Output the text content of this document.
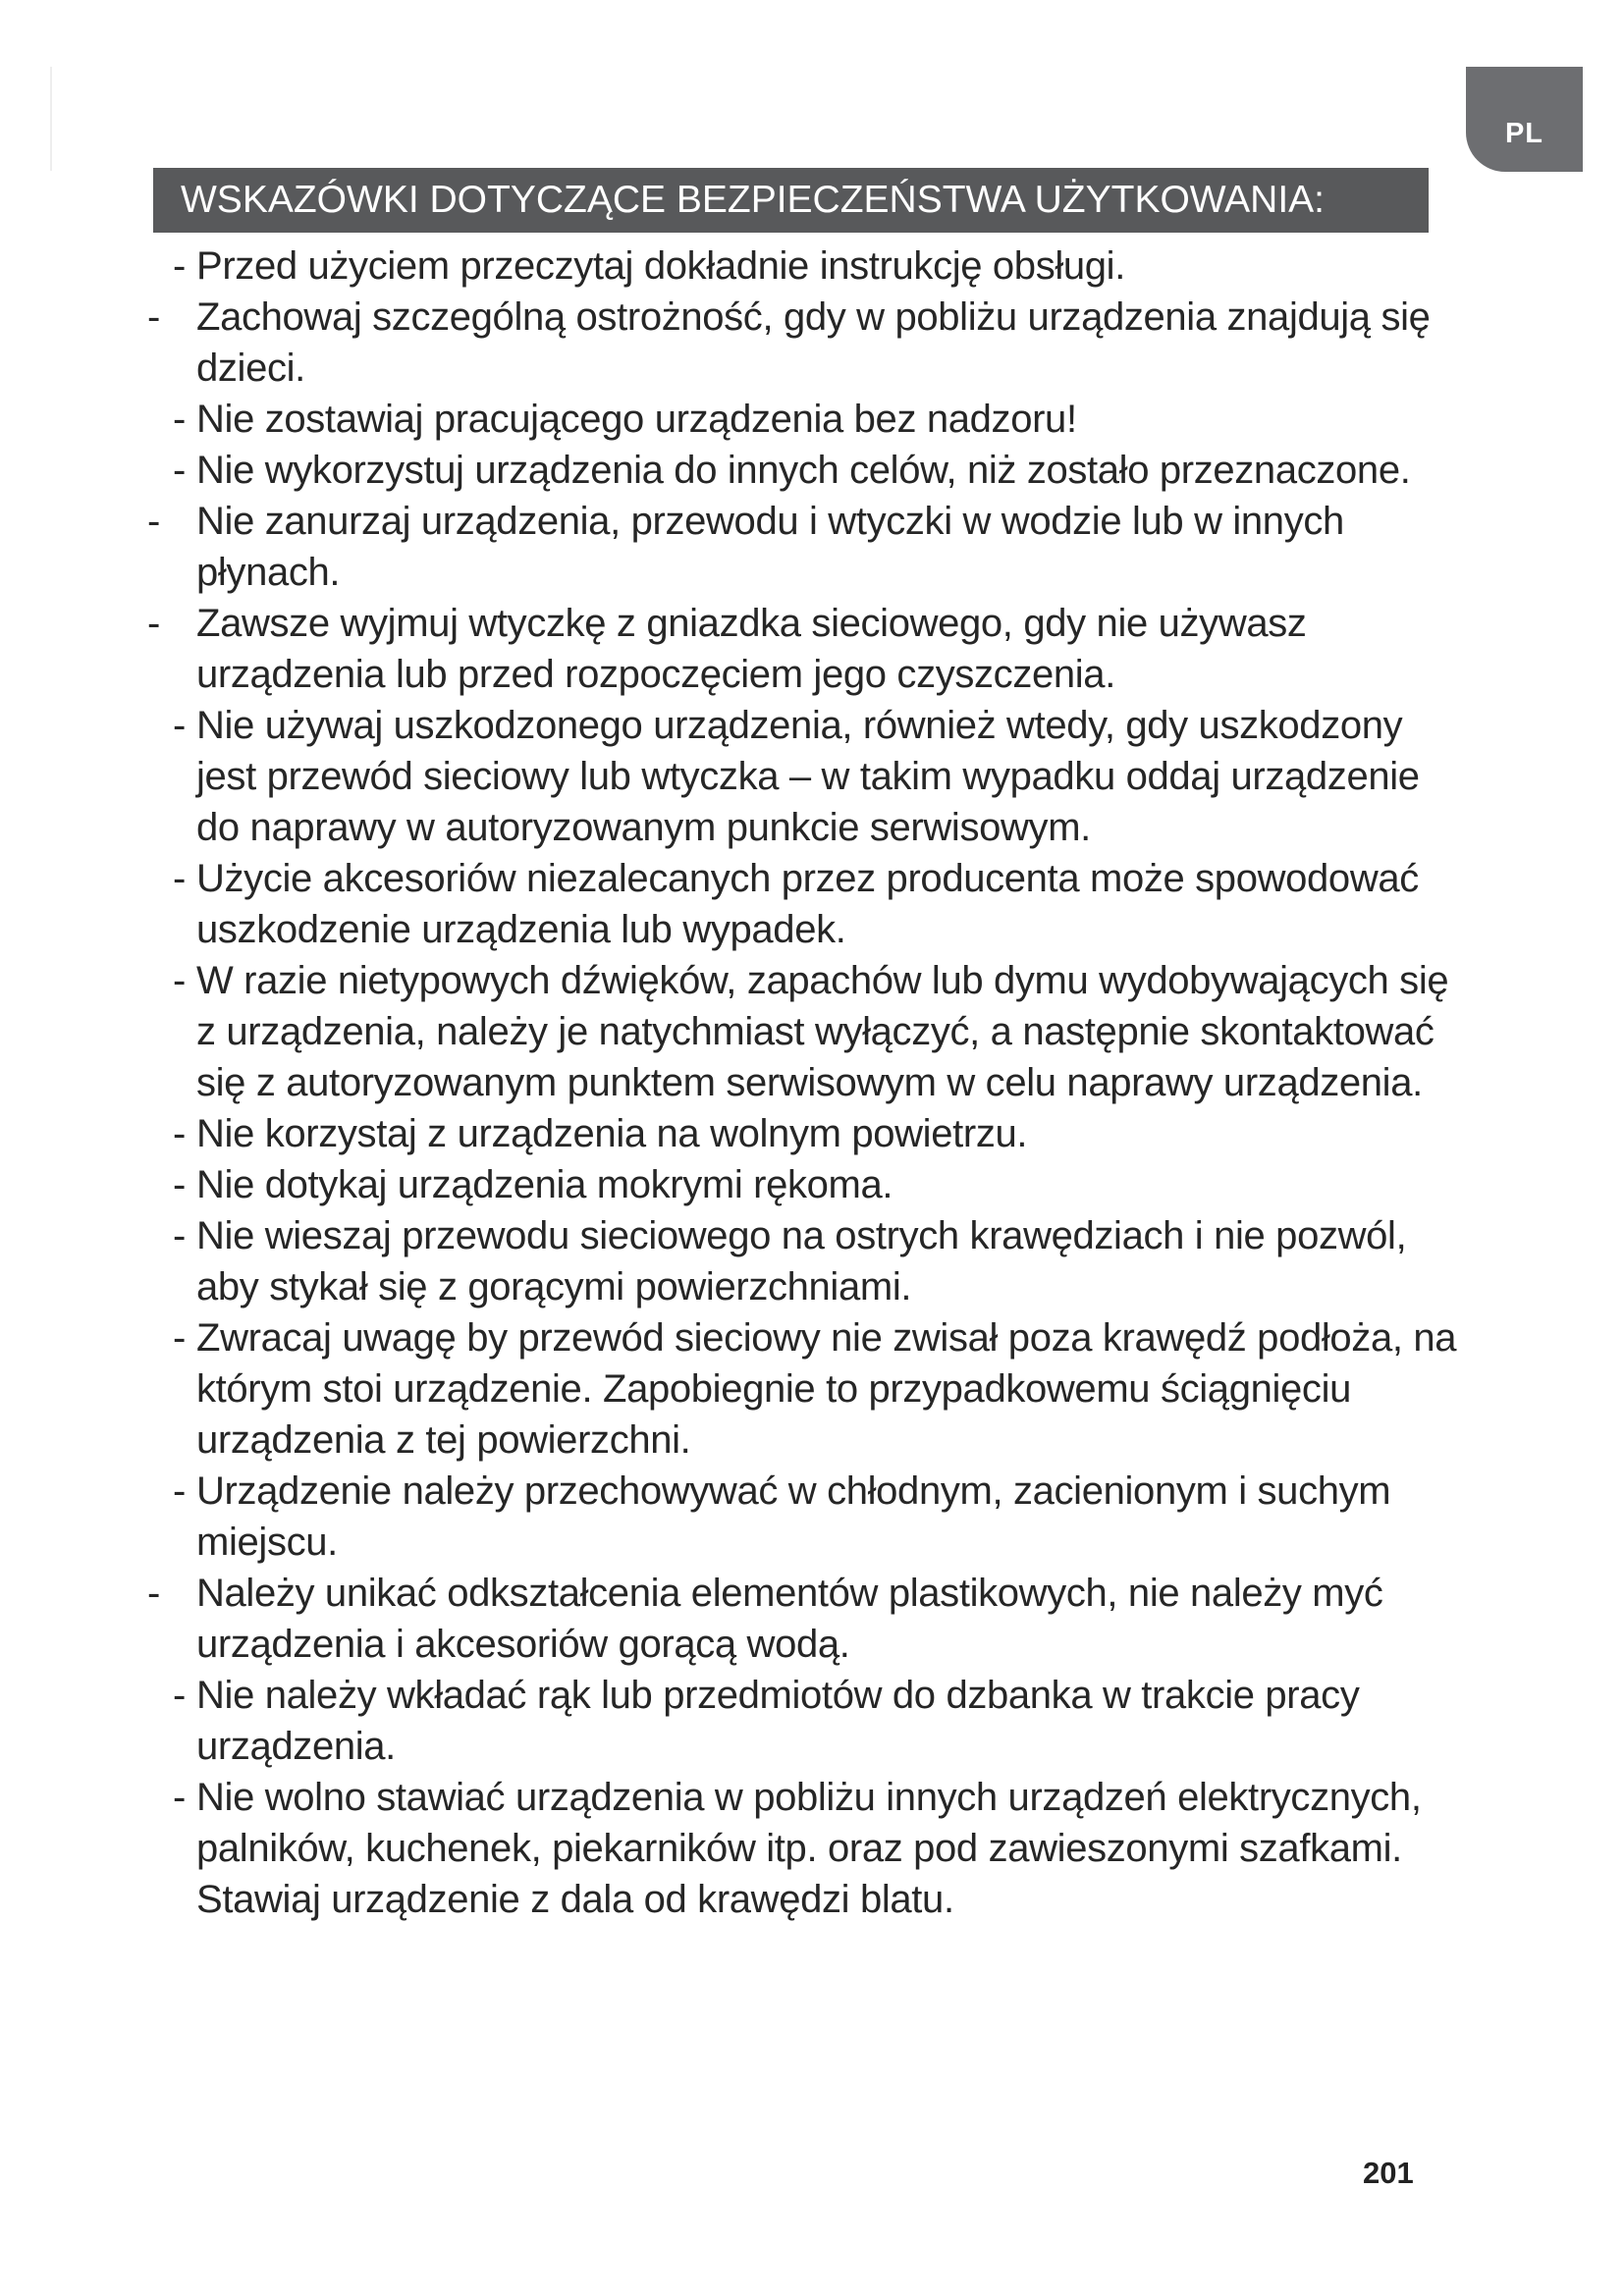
PL
WSKAZÓWKI DOTYCZĄCE BEZPIECZEŃSTWA UŻYTKOWANIA:
- Przed użyciem przeczytaj dokładnie instrukcję obsługi.
- Zachowaj szczególną ostrożność, gdy w pobliżu urządzenia znajdują się dzieci.
- Nie zostawiaj pracującego urządzenia bez nadzoru!
- Nie wykorzystuj urządzenia do innych celów, niż zostało przeznaczone.
- Nie zanurzaj urządzenia, przewodu i wtyczki w wodzie lub w innych płynach.
- Zawsze wyjmuj wtyczkę z gniazdka sieciowego, gdy nie używasz urządzenia lub przed rozpoczęciem jego czyszczenia.
- Nie używaj uszkodzonego urządzenia, również wtedy, gdy uszkodzony jest przewód sieciowy lub wtyczka – w takim wypadku oddaj urządzenie do naprawy w autoryzowanym punkcie serwisowym.
- Użycie akcesoriów niezalecanych przez producenta może spowodować uszkodzenie urządzenia lub wypadek.
- W razie nietypowych dźwięków, zapachów lub dymu wydobywających się z urządzenia, należy je natychmiast wyłączyć, a następnie skontaktować się z autoryzowanym punktem serwisowym w celu naprawy urządzenia.
- Nie korzystaj z urządzenia na wolnym powietrzu.
- Nie dotykaj urządzenia mokrymi rękoma.
- Nie wieszaj przewodu sieciowego na ostrych krawędziach i nie pozwól, aby stykał się z gorącymi powierzchniami.
- Zwracaj uwagę by przewód sieciowy nie zwisał poza krawędź podłoża, na którym stoi urządzenie. Zapobiegnie to przypadkowemu ściągnięciu urządzenia z tej powierzchni.
- Urządzenie należy przechowywać w chłodnym, zacienionym i suchym miejscu.
- Należy unikać odkształcenia elementów plastikowych, nie należy myć urządzenia i akcesoriów gorącą wodą.
- Nie należy wkładać rąk lub przedmiotów do dzbanka w trakcie pracy urządzenia.
- Nie wolno stawiać urządzenia w pobliżu innych urządzeń elektrycznych, palników, kuchenek, piekarników itp. oraz pod zawieszonymi szafkami. Stawiaj urządzenie z dala od krawędzi blatu.
201
